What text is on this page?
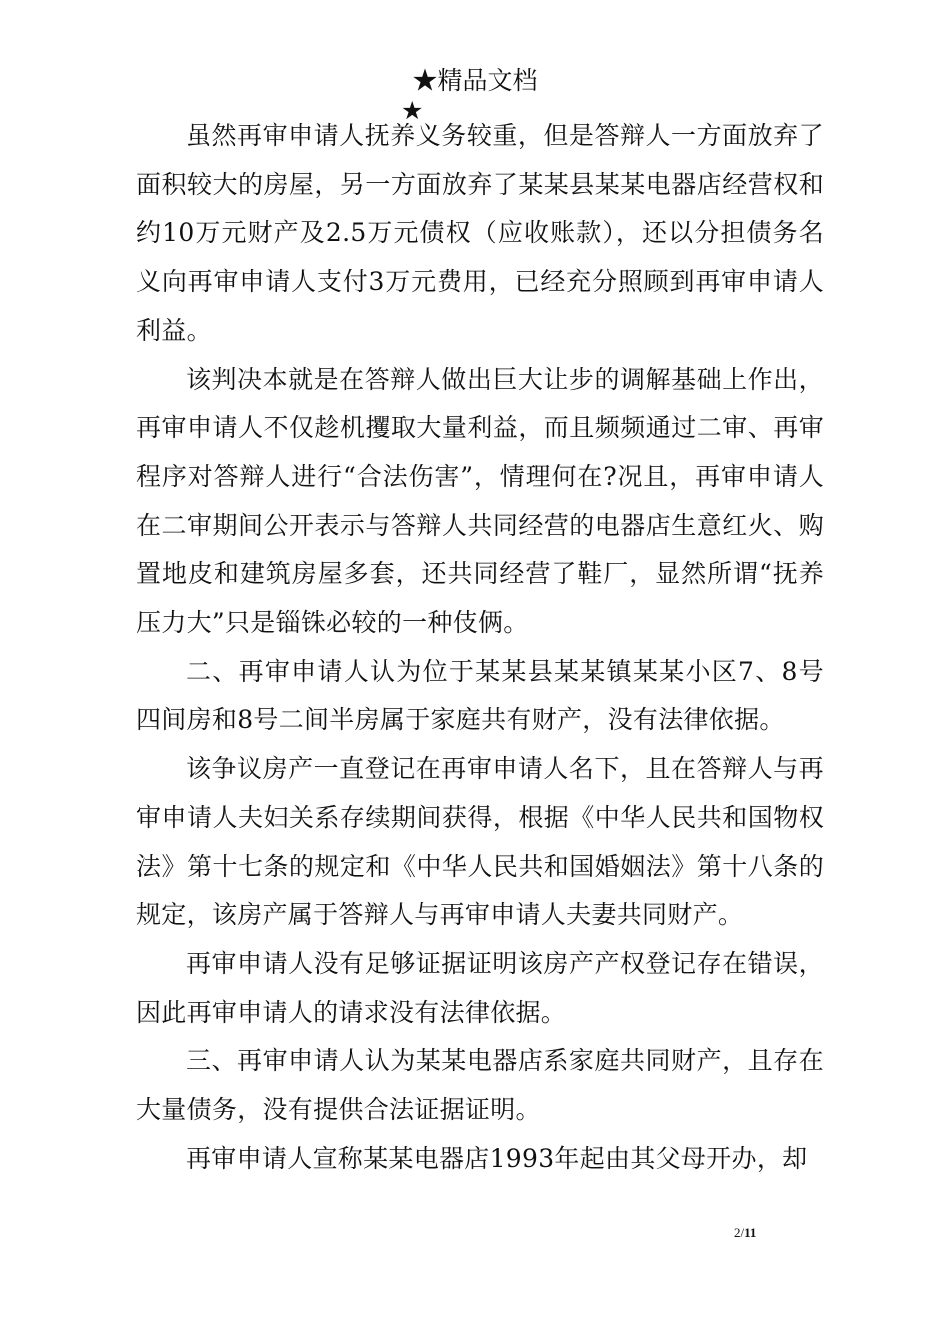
★精品文档
★

虽然再审申请人抚养义务较重，但是答辩人一方面放弃了面积较大的房屋，另一方面放弃了某某县某某电器店经营权和约10万元财产及2.5万元债权（应收账款），还以分担债务名义向再审申请人支付3万元费用，已经充分照顾到再审申请人利益。

该判决本就是在答辩人做出巨大让步的调解基础上作出，再审申请人不仅趁机攫取大量利益，而且频频通过二审、再审程序对答辩人进行“合法伤害”，情理何在?况且，再审申请人在二审期间公开表示与答辩人共同经营的电器店生意红火、购置地皮和建筑房屋多套，还共同经营了鞋厂，显然所谓“抚养压力大”只是锱铢必较的一种伎俩。

二、再审申请人认为位于某某县某某镇某某小区7、8号四间房和8号二间半房属于家庭共有财产，没有法律依据。

该争议房产一直登记在再审申请人名下，且在答辩人与再审申请人夫妇关系存续期间获得，根据《中华人民共和国物权法》第十七条的规定和《中华人民共和国婚姻法》第十八条的规定，该房产属于答辩人与再审申请人夫妻共同财产。

再审申请人没有足够证据证明该房产产权登记存在错误，因此再审申请人的请求没有法律依据。

三、再审申请人认为某某电器店系家庭共同财产，且存在大量债务，没有提供合法证据证明。

再审申请人宣称某某电器店1993年起由其父母开办，却

2/11
